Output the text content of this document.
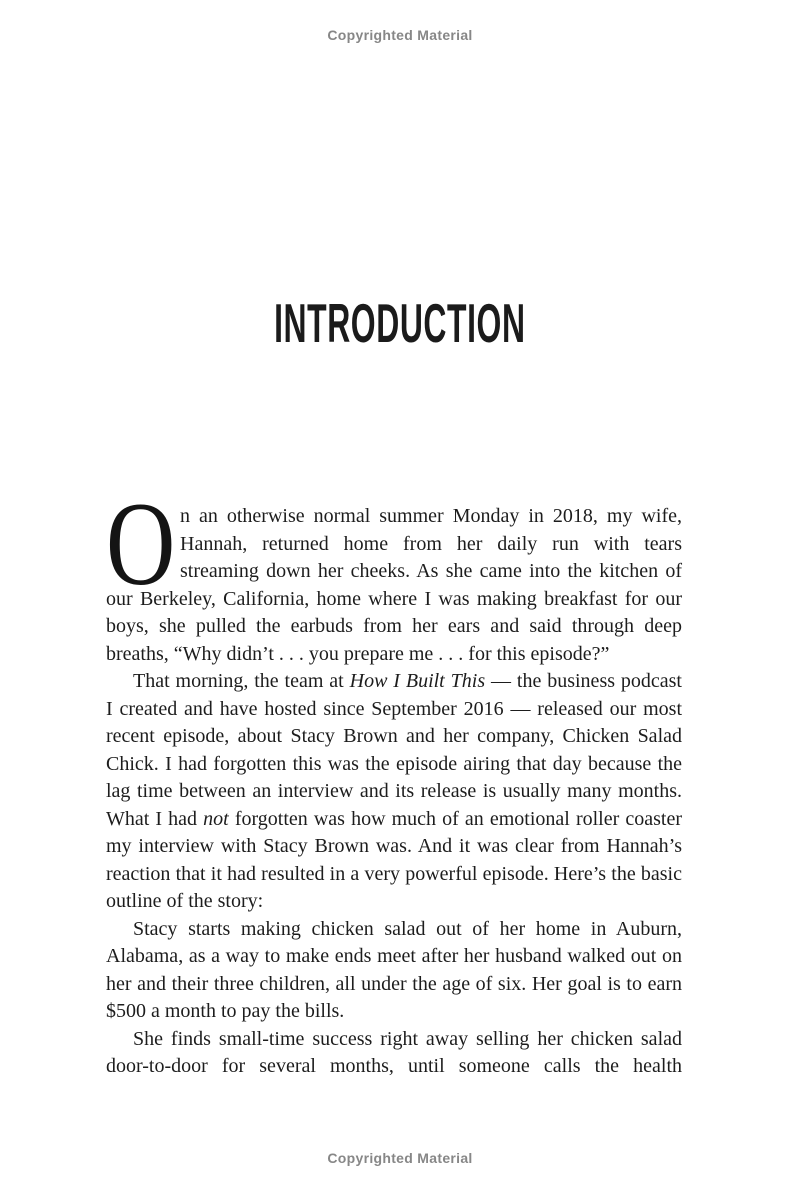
Copyrighted Material
INTRODUCTION

On an otherwise normal summer Monday in 2018, my wife, Hannah, returned home from her daily run with tears streaming down her cheeks. As she came into the kitchen of our Berkeley, California, home where I was making breakfast for our boys, she pulled the earbuds from her ears and said through deep breaths, “Why didn’t . . . you prepare me . . . for this episode?”

That morning, the team at How I Built This — the business podcast I created and have hosted since September 2016 — released our most recent episode, about Stacy Brown and her company, Chicken Salad Chick. I had forgotten this was the episode airing that day because the lag time between an interview and its release is usually many months. What I had not forgotten was how much of an emotional roller coaster my interview with Stacy Brown was. And it was clear from Hannah’s reaction that it had resulted in a very powerful episode. Here’s the basic outline of the story:

Stacy starts making chicken salad out of her home in Auburn, Alabama, as a way to make ends meet after her husband walked out on her and their three children, all under the age of six. Her goal is to earn $500 a month to pay the bills.

She finds small-time success right away selling her chicken salad door-to-door for several months, until someone calls the health

Copyrighted Material
